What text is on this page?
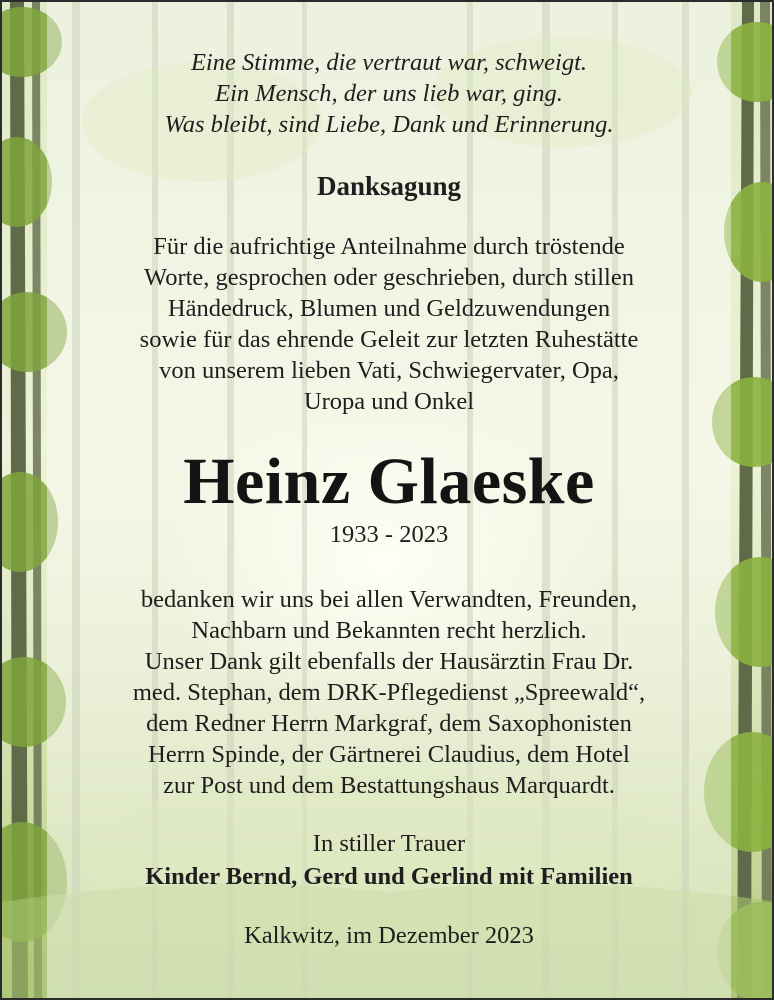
Eine Stimme, die vertraut war, schweigt.
Ein Mensch, der uns lieb war, ging.
Was bleibt, sind Liebe, Dank und Erinnerung.
Danksagung
Für die aufrichtige Anteilnahme durch tröstende
Worte, gesprochen oder geschrieben, durch stillen
Händedruck, Blumen und Geldzuwendungen
sowie für das ehrende Geleit zur letzten Ruhestätte
von unserem lieben Vati, Schwiegervater, Opa,
Uropa und Onkel
Heinz Glaeske
1933 - 2023
bedanken wir uns bei allen Verwandten, Freunden,
Nachbarn und Bekannten recht herzlich.
Unser Dank gilt ebenfalls der Hausärztin Frau Dr.
med. Stephan, dem DRK-Pflegedienst „Spreewald“,
dem Redner Herrn Markgraf, dem Saxophonisten
Herrn Spinde, der Gärtnerei Claudius, dem Hotel
zur Post und dem Bestattungshaus Marquardt.
In stiller Trauer
Kinder Bernd, Gerd und Gerlind mit Familien
Kalkwitz, im Dezember 2023
